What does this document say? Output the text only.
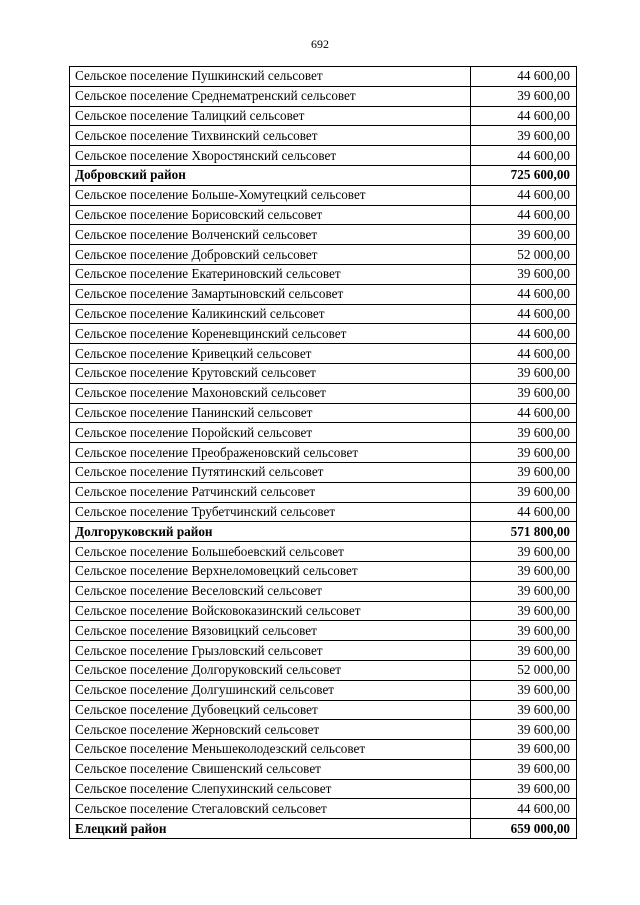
692
Сельское поселение Пушкинский сельсовет	44 600,00
Сельское поселение Среднематренский сельсовет	39 600,00
Сельское поселение Талицкий сельсовет	44 600,00
Сельское поселение Тихвинский сельсовет	39 600,00
Сельское поселение Хворостянский сельсовет	44 600,00
Добровский район	725 600,00
Сельское поселение Больше-Хомутецкий сельсовет	44 600,00
Сельское поселение Борисовский сельсовет	44 600,00
Сельское поселение Волченский сельсовет	39 600,00
Сельское поселение Добровский сельсовет	52 000,00
Сельское поселение Екатериновский сельсовет	39 600,00
Сельское поселение Замартыновский сельсовет	44 600,00
Сельское поселение Каликинский сельсовет	44 600,00
Сельское поселение Кореневщинский сельсовет	44 600,00
Сельское поселение Кривецкий сельсовет	44 600,00
Сельское поселение Крутовский сельсовет	39 600,00
Сельское поселение Махоновский сельсовет	39 600,00
Сельское поселение Панинский сельсовет	44 600,00
Сельское поселение Поройский сельсовет	39 600,00
Сельское поселение Преображеновский сельсовет	39 600,00
Сельское поселение Путятинский сельсовет	39 600,00
Сельское поселение Ратчинский сельсовет	39 600,00
Сельское поселение Трубетчинский сельсовет	44 600,00
Долгоруковский район	571 800,00
Сельское поселение Большебоевский сельсовет	39 600,00
Сельское поселение Верхнеломовецкий сельсовет	39 600,00
Сельское поселение Веселовский сельсовет	39 600,00
Сельское поселение Войсковоказинский сельсовет	39 600,00
Сельское поселение Вязовицкий сельсовет	39 600,00
Сельское поселение Грызловский сельсовет	39 600,00
Сельское поселение Долгоруковский сельсовет	52 000,00
Сельское поселение Долгушинский сельсовет	39 600,00
Сельское поселение Дубовецкий сельсовет	39 600,00
Сельское поселение Жерновский сельсовет	39 600,00
Сельское поселение Меньшеколодезский сельсовет	39 600,00
Сельское поселение Свишенский сельсовет	39 600,00
Сельское поселение Слепухинский сельсовет	39 600,00
Сельское поселение Стегаловский сельсовет	44 600,00
Елецкий район	659 000,00
